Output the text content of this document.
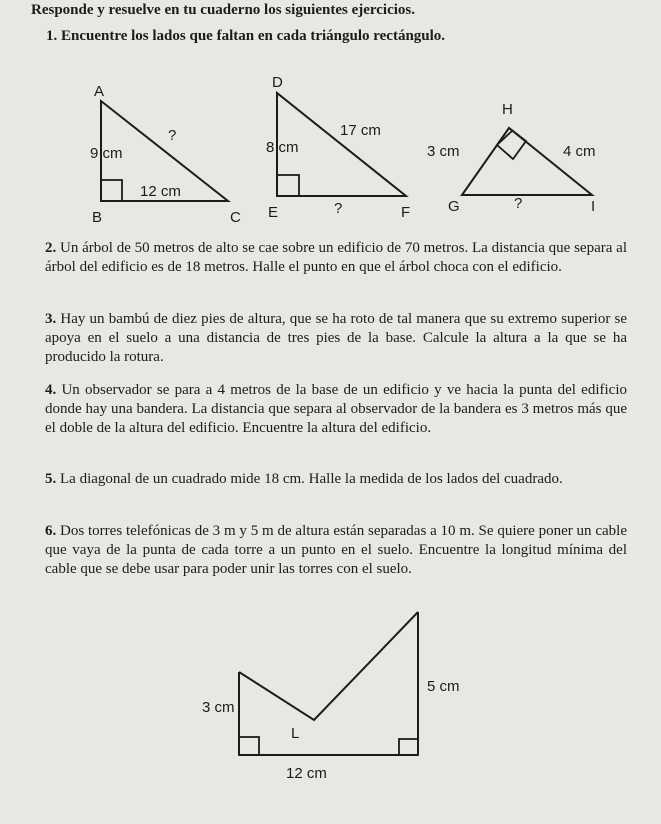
Responde y resuelve en tu cuaderno los siguientes ejercicios.
1. Encuentre los lados que faltan en cada triángulo rectángulo.
A
B	C
9 cm
12 cm
?
D
E	F
8 cm
17 cm
?
H
G	I
3 cm	4 cm
?
2. Un árbol de 50 metros de alto se cae sobre un edificio de 70 metros. La distancia que separa al árbol del edificio es de 18 metros. Halle el punto en que el árbol choca con el edificio.
3. Hay un bambú de diez pies de altura, que se ha roto de tal manera que su extremo superior se apoya en el suelo a una distancia de tres pies de la base. Calcule la altura a la que se ha producido la rotura.
4. Un observador se para a 4 metros de la base de un edificio y ve hacia la punta del edificio donde hay una bandera. La distancia que separa al observador de la bandera es 3 metros más que el doble de la altura del edificio. Encuentre la altura del edificio.
5. La diagonal de un cuadrado mide 18 cm. Halle la medida de los lados del cuadrado.
6. Dos torres telefónicas de 3 m y 5 m de altura están separadas a 10 m. Se quiere poner un cable que vaya de la punta de cada torre a un punto en el suelo. Encuentre la longitud mínima del cable que se debe usar para poder unir las torres con el suelo.
3 cm
5 cm
L
12 cm
